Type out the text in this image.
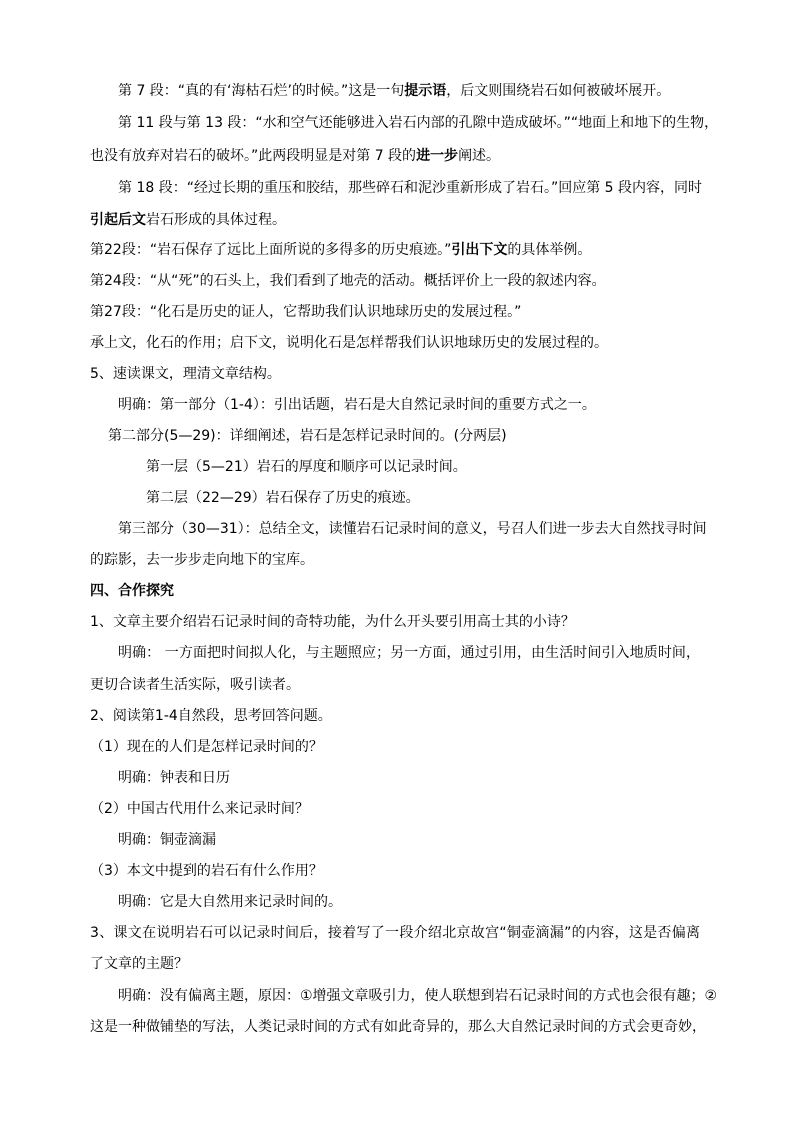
第 7 段：“真的有‘海枯石烂’的时候。”这是一句提示语，后文则围绕岩石如何被破坏展开。
第 11 段与第 13 段：“水和空气还能够进入岩石内部的孔隙中造成破坏。”“地面上和地下的生物，
也没有放弃对岩石的破坏。”此两段明显是对第 7 段的进一步阐述。
第 18 段：“经过长期的重压和胶结，那些碎石和泥沙重新形成了岩石。”回应第 5 段内容，同时
引起后文岩石形成的具体过程。
第22段：“岩石保存了远比上面所说的多得多的历史痕迹。”引出下文的具体举例。
第24段：“从“死”的石头上，我们看到了地壳的活动。概括评价上一段的叙述内容。
第27段：“化石是历史的证人，它帮助我们认识地球历史的发展过程。”
承上文，化石的作用；启下文，说明化石是怎样帮我们认识地球历史的发展过程的。
5、速读课文，理清文章结构。
明确：第一部分（1-4）：引出话题，岩石是大自然记录时间的重要方式之一。
第二部分(5—29)：详细阐述，岩石是怎样记录时间的。(分两层)
第一层（5—21）岩石的厚度和顺序可以记录时间。
第二层（22—29）岩石保存了历史的痕迹。
第三部分（30—31）：总结全文，读懂岩石记录时间的意义，号召人们进一步去大自然找寻时间
的踪影，去一步步走向地下的宝库。
四、合作探究
1、文章主要介绍岩石记录时间的奇特功能，为什么开头要引用高士其的小诗？
明确： 一方面把时间拟人化，与主题照应；另一方面，通过引用，由生活时间引入地质时间，
更切合读者生活实际，吸引读者。
2、阅读第1-4自然段，思考回答问题。
（1）现在的人们是怎样记录时间的？
明确：钟表和日历
（2）中国古代用什么来记录时间？
明确：铜壶滴漏
（3）本文中提到的岩石有什么作用？
明确：它是大自然用来记录时间的。
3、课文在说明岩石可以记录时间后，接着写了一段介绍北京故宫“铜壶滴漏”的内容，这是否偏离
了文章的主题？
明确：没有偏离主题，原因：①增强文章吸引力，使人联想到岩石记录时间的方式也会很有趣；②
这是一种做铺垫的写法，人类记录时间的方式有如此奇异的，那么大自然记录时间的方式会更奇妙，
